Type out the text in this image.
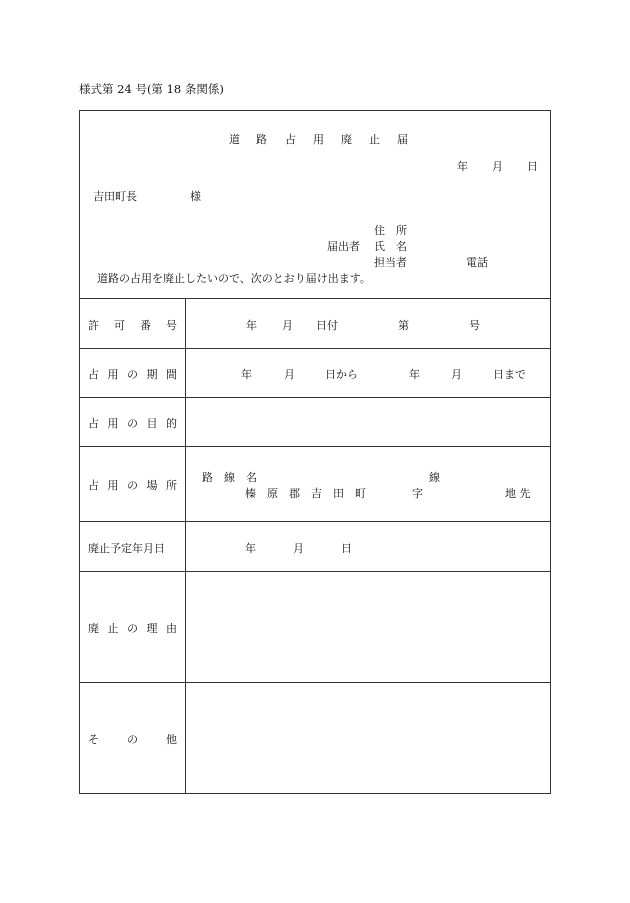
様式第 24 号(第 18 条関係)
道 路 占 用 廃 止 届
年 月 日
吉田町長	様
住　所
届出者 氏　名
担当者	電話
道路の占用を廃止したいので、次のとおり届け出ます。
許 可 番 号	年 月 日付	第	号
占 用 の 期 間	年	月	日から	年	月	日まで
占 用 の 目 的
占 用 の 場 所
路　線　名	線
榛　原　郡　吉　田　町	字	地 先
廃止予定年月日	年	月	日
廃 止 の 理 由
そ	の	他
